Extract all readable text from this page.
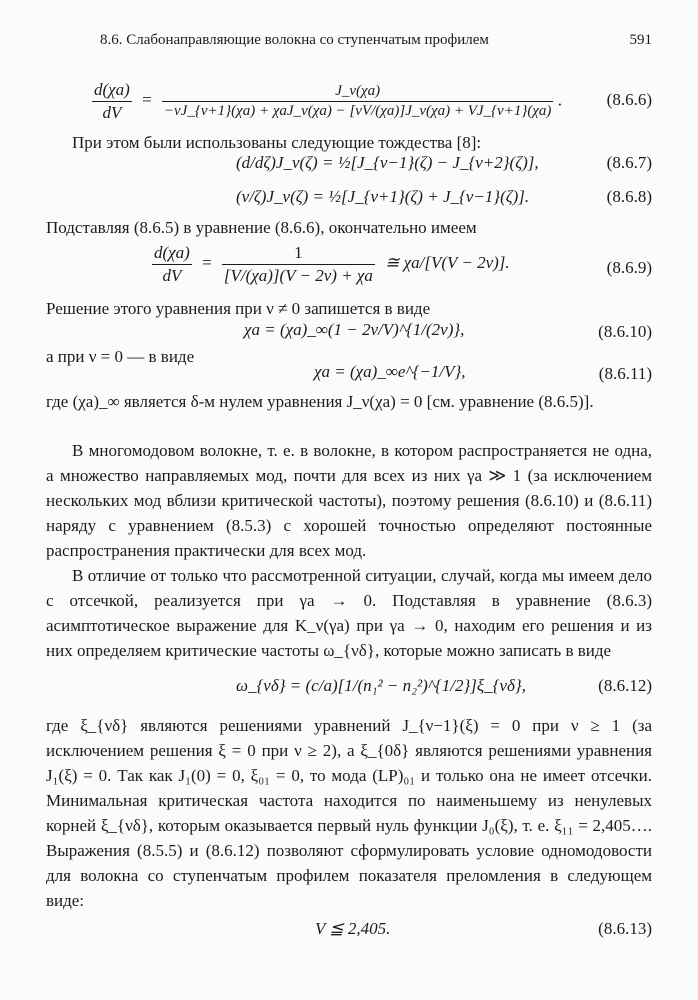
8.6. Слабонаправляющие волокна со ступенчатым профилем	591
$\frac{d(\chi a)}{dV} = \frac{J\_\nu(\chi a)}{\text{−νJ\_\{ν+1\}(χa) + χaJ\_ν(χa) − [νV/(χa)]J\_ν(χa) + VJ\_\{ν+1\}(χa)}}$ .	(8.6.6)
При этом были использованы следующие тождества [8]:
(d/dζ)J_ν(ζ) = ½[J_{ν−1}(ζ) − J_{ν+2}(ζ)],	(8.6.7)
(ν/ζ)J_ν(ζ) = ½[J_{ν+1}(ζ) + J_{ν−1}(ζ)].	(8.6.8)
Подставляя (8.6.5) в уравнение (8.6.6), окончательно имеем
$\frac{d(\chi a)}{dV} = \frac{1}{[V/(\chi a)](V - 2\nu) + \chi a}$ ≅ χa/[V(V − 2ν)].	(8.6.9)
Решение этого уравнения при ν ≠ 0 запишется в виде
χa = (χa)_∞(1 − 2ν/V)^{1/(2ν)},	(8.6.10)
а при ν = 0 — в виде
χa = (χa)_∞e^{−1/V},	(8.6.11)
где (χa)_∞ является δ-м нулем уравнения J_ν(χa) = 0 [см. уравнение (8.6.5)].
В многомодовом волокне, т. е. в волокне, в котором распространяется не одна, а множество направляемых мод, почти для всех из них γa ≫ 1 (за исключением нескольких мод вблизи критической частоты), поэтому решения (8.6.10) и (8.6.11) наряду с уравнением (8.5.3) с хорошей точностью определяют постоянные распространения практически для всех мод.
В отличие от только что рассмотренной ситуации, случай, когда мы имеем дело с отсечкой, реализуется при γa → 0. Подставляя в уравнение (8.6.3) асимптотическое выражение для K_ν(γa) при γa → 0, находим его решения и из них определяем критические частоты ω_{νδ}, которые можно записать в виде
ω_{νδ} = (c/a)[1/(n₁² − n₂²)^{1/2}]ξ_{νδ},	(8.6.12)
где ξ_{νδ} являются решениями уравнений J_{ν−1}(ξ) = 0 при ν ≥ 1 (за исключением решения ξ = 0 при ν ≥ 2), а ξ_{0δ} являются решениями уравнения J₁(ξ) = 0. Так как J₁(0) = 0, ξ₀₁ = 0, то мода (LP)₀₁ и только она не имеет отсечки. Минимальная критическая частота находится по наименьшему из ненулевых корней ξ_{νδ}, которым оказывается первый нуль функции J₀(ξ), т. е. ξ₁₁ = 2,405…. Выражения (8.5.5) и (8.6.12) позволяют сформулировать условие одномодовости для волокна со ступенчатым профилем показателя преломления в следующем виде:
V ≦ 2,405.	(8.6.13)
